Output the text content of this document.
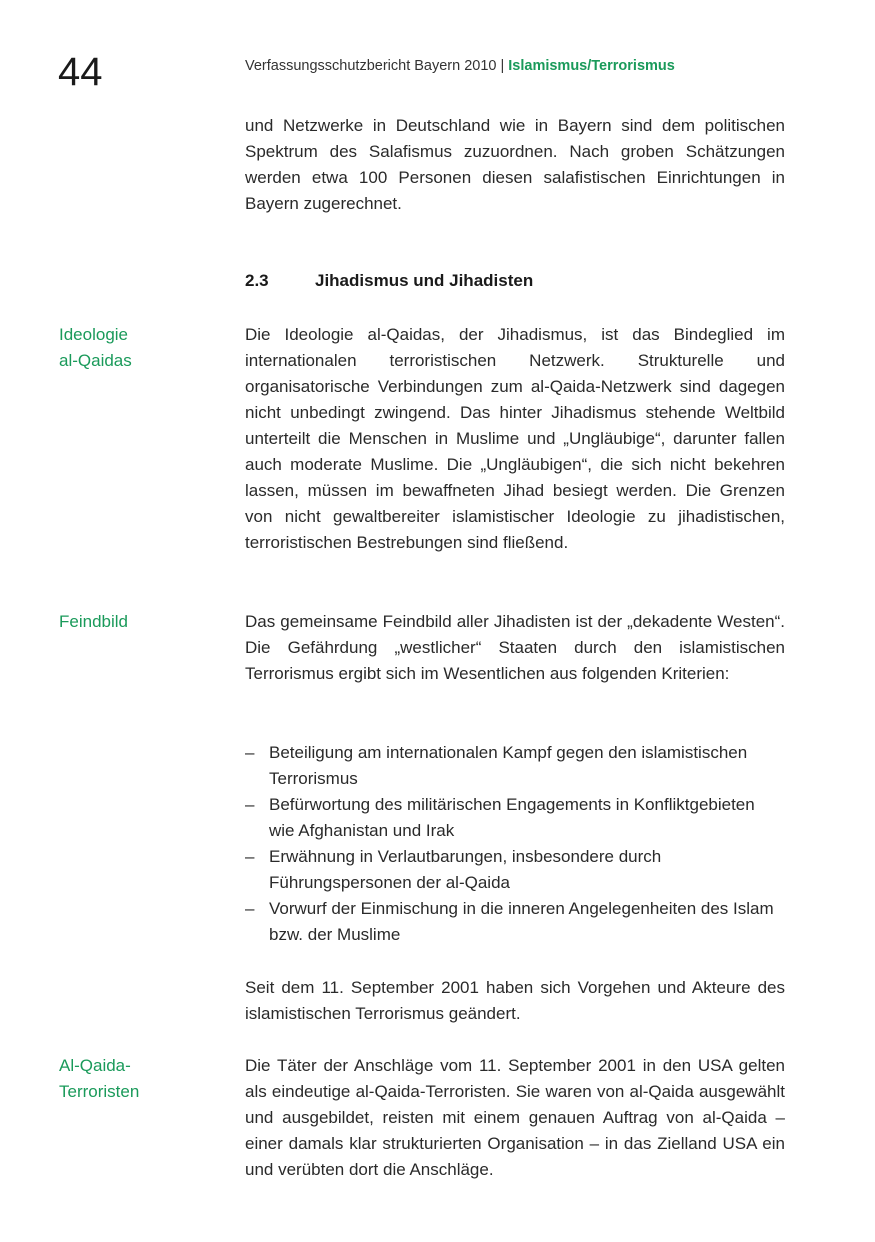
44	Verfassungsschutzbericht Bayern 2010 | Islamismus/Terrorismus

und Netzwerke in Deutschland wie in Bayern sind dem politischen Spektrum des Salafismus zuzuordnen. Nach groben Schätzungen werden etwa 100 Personen diesen salafistischen Einrichtungen in Bayern zugerechnet.

2.3	Jihadismus und Jihadisten
Ideologie
al-Qaidas

Die Ideologie al-Qaidas, der Jihadismus, ist das Bindeglied im internationalen terroristischen Netzwerk. Strukturelle und organisatorische Verbindungen zum al-Qaida-Netzwerk sind dagegen nicht unbedingt zwingend. Das hinter Jihadismus stehende Weltbild unterteilt die Menschen in Muslime und „Ungläubige“, darunter fallen auch moderate Muslime. Die „Ungläubigen“, die sich nicht bekehren lassen, müssen im bewaffneten Jihad besiegt werden. Die Grenzen von nicht gewaltbereiter islamistischer Ideologie zu jihadistischen, terroristischen Bestrebungen sind fließend.

Feindbild	Das gemeinsame Feindbild aller Jihadisten ist der „dekadente Westen“. Die Gefährdung „westlicher“ Staaten durch den islamistischen Terrorismus ergibt sich im Wesentlichen aus folgenden Kriterien:

– Beteiligung am internationalen Kampf gegen den islamistischen Terrorismus
– Befürwortung des militärischen Engagements in Konfliktgebieten wie Afghanistan und Irak
– Erwähnung in Verlautbarungen, insbesondere durch Führungspersonen der al-Qaida
– Vorwurf der Einmischung in die inneren Angelegenheiten des Islam bzw. der Muslime

Seit dem 11. September 2001 haben sich Vorgehen und Akteure des islamistischen Terrorismus geändert.

Al-Qaida-
Terroristen

Die Täter der Anschläge vom 11. September 2001 in den USA gelten als eindeutige al-Qaida-Terroristen. Sie waren von al-Qaida ausgewählt und ausgebildet, reisten mit einem genauen Auftrag von al-Qaida – einer damals klar strukturierten Organisation – in das Zielland USA ein und verübten dort die Anschläge.
